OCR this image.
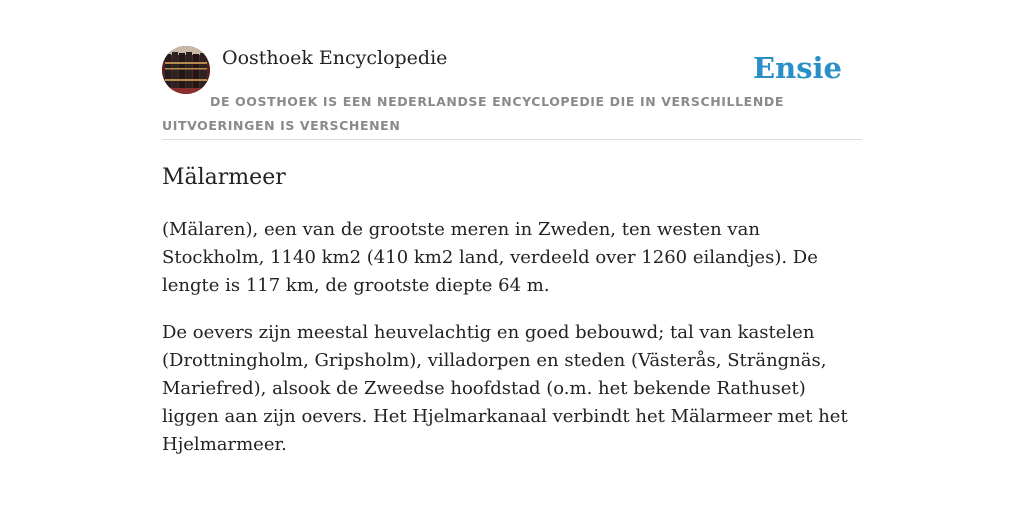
Oosthoek Encyclopedie	Ensie
DE OOSTHOEK IS EEN NEDERLANDSE ENCYCLOPEDIE DIE IN VERSCHILLENDE UITVOERINGEN IS VERSCHENEN
Mälarmeer

(Mälaren), een van de grootste meren in Zweden, ten westen van Stockholm, 1140 km2 (410 km2 land, verdeeld over 1260 eilandjes). De lengte is 117 km, de grootste diepte 64 m.

De oevers zijn meestal heuvelachtig en goed bebouwd; tal van kastelen (Drottningholm, Gripsholm), villadorpen en steden (Västerås, Strängnäs, Mariefred), alsook de Zweedse hoofdstad (o.m. het bekende Rathuset) liggen aan zijn oevers. Het Hjelmarkanaal verbindt het Mälarmeer met het Hjelmarmeer.
